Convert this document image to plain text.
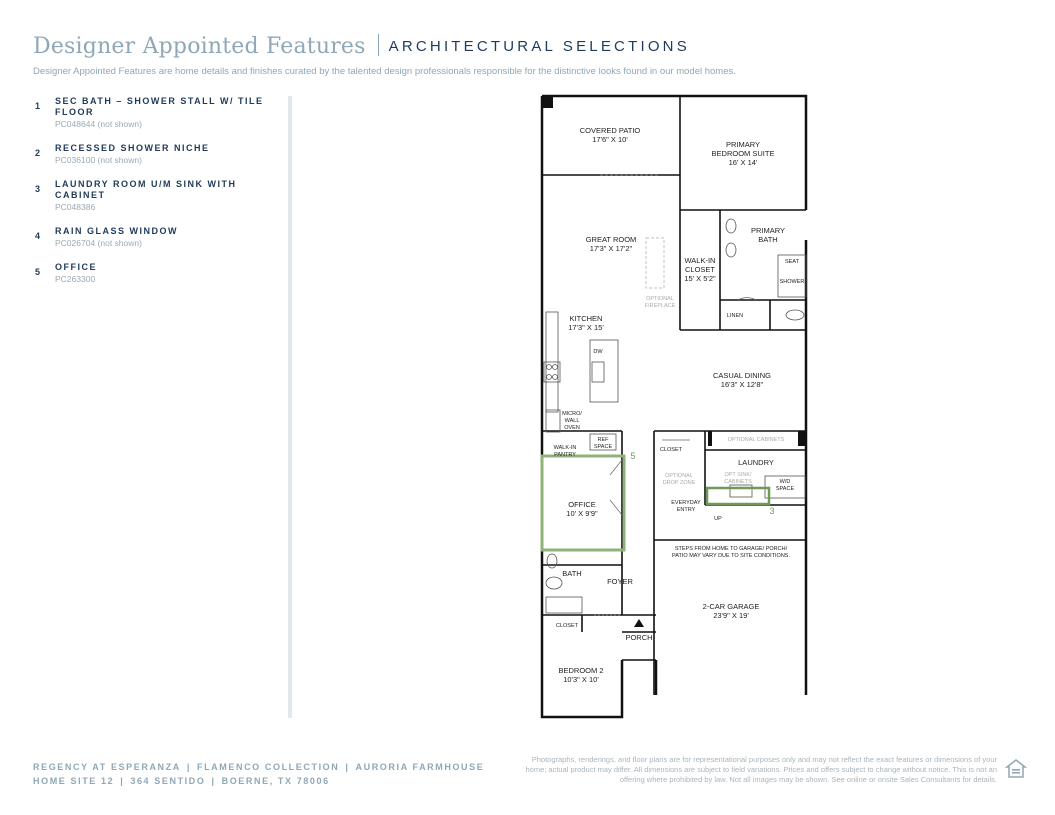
Designer Appointed Features ARCHITECTURAL SELECTIONS
Designer Appointed Features are home details and finishes curated by the talented design professionals responsible for the distinctive looks found in our model homes.
1 SEC BATH – SHOWER STALL W/ TILE FLOOR
PC048644 (not shown)
2 RECESSED SHOWER NICHE
PC036100 (not shown)
3 LAUNDRY ROOM U/M SINK WITH CABINET
PC048386
4 RAIN GLASS WINDOW
PC026704 (not shown)
5 OFFICE
PC263300
COVERED PATIO
17'6" X 10'
PRIMARY
BEDROOM SUITE
16' X 14'
GREAT ROOM
17'3" X 17'2"
WALK-IN
CLOSET
15' X 5'2"
PRIMARY
BATH
KITCHEN
17'3" X 15'
CASUAL DINING
16'3" X 12'8"
LAUNDRY
OFFICE
10' X 9'9"
FOYER
2-CAR GARAGE
23'9" X 19'
BEDROOM 2
10'3" X 10'
BATH
PORCH
SEAT
SHOWER
LINEN
DW
MICRO/
WALL
OVEN
WALK-IN
PANTRY
REF
SPACE	CLOSET
EVERYDAY
ENTRY
UP
W/D
SPACE
STEPS FROM HOME TO GARAGE/ PORCH/
PATIO MAY VARY DUE TO SITE CONDITIONS.
CLOSET
OPTIONAL
FIREPLACE
OPTIONAL CABINETS
OPTIONAL
DROP ZONE
OPT SINK/
CABINETS
5
3
REGENCY AT ESPERANZA | FLAMENCO COLLECTION | AURORIA FARMHOUSE
HOME SITE 12 | 364 SENTIDO | BOERNE, TX 78006
Photographs, renderings, and floor plans are for representational purposes only and may not reflect the exact features or dimensions of your home; actual product may differ. All dimensions are subject to field variations. Prices and offers subject to change without notice. This is not an offering where prohibited by law. Not all images may be shown. See online or onsite Sales Consultants for details.
